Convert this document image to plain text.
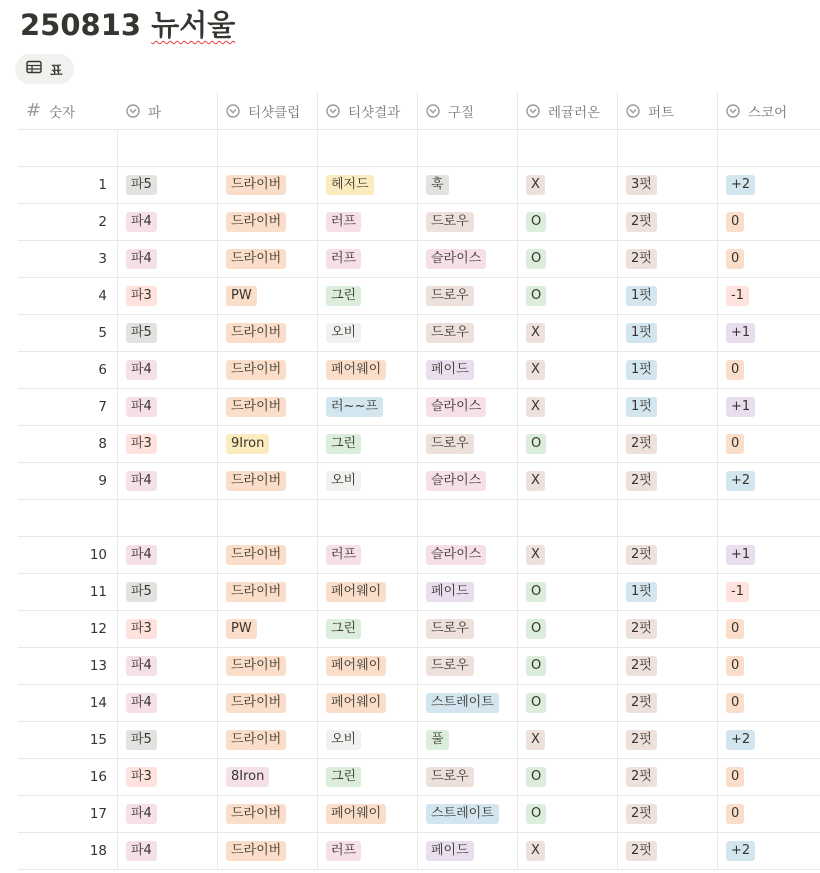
250813 뉴서울
표
# 숫자	파	티샷클럽	티샷결과	구질	레귤러온	퍼트	스코어
1	파5	드라이버	헤저드	훅	X	3펏	+2
2	파4	드라이버	러프	드로우	O	2펏	0
3	파4	드라이버	러프	슬라이스	O	2펏	0
4	파3	PW	그린	드로우	O	1펏	-1
5	파5	드라이버	오비	드로우	X	1펏	+1
6	파4	드라이버	페어웨이	페이드	X	1펏	0
7	파4	드라이버	러~~프	슬라이스	X	1펏	+1
8	파3	9Iron	그린	드로우	O	2펏	0
9	파4	드라이버	오비	슬라이스	X	2펏	+2
10	파4	드라이버	러프	슬라이스	X	2펏	+1
11	파5	드라이버	페어웨이	페이드	O	1펏	-1
12	파3	PW	그린	드로우	O	2펏	0
13	파4	드라이버	페어웨이	드로우	O	2펏	0
14	파4	드라이버	페어웨이	스트레이트	O	2펏	0
15	파5	드라이버	오비	풀	X	2펏	+2
16	파3	8Iron	그린	드로우	O	2펏	0
17	파4	드라이버	페어웨이	스트레이트	O	2펏	0
18	파4	드라이버	러프	페이드	X	2펏	+2
